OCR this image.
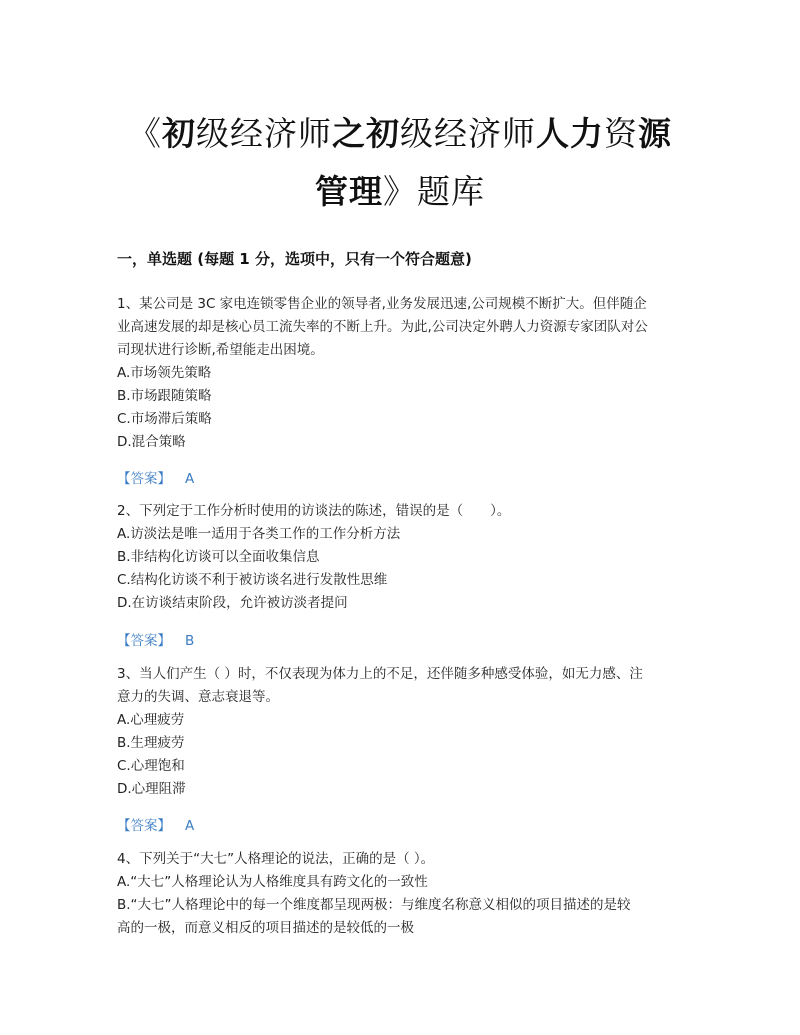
《初级经济师之初级经济师人力资源
管理》题库
一，单选题 (每题 1 分，选项中，只有一个符合题意)
1、某公司是 3C 家电连锁零售企业的领导者,业务发展迅速,公司规模不断扩大。但伴随企
业高速发展的却是核心员工流失率的不断上升。为此,公司决定外聘人力资源专家团队对公
司现状进行诊断,希望能走出困境。
A.市场领先策略
B.市场跟随策略
C.市场滞后策略
D.混合策略
【答案】 A
2、下列定于工作分析时使用的访谈法的陈述，错误的是（　　）。
A.访淡法是唯一适用于各类工作的工作分析方法
B.非结构化访谈可以全面收集信息
C.结构化访谈不利于被访谈名进行发散性思维
D.在访谈结束阶段，允许被访淡者提问
【答案】 B
3、当人们产生（ ）时，不仅表现为体力上的不足，还伴随多种感受体验，如无力感、注
意力的失调、意志衰退等。
A.心理疲劳
B.生理疲劳
C.心理饱和
D.心理阻滞
【答案】 A
4、下列关于“大七”人格理论的说法，正确的是（ ）。
A.“大七”人格理论认为人格维度具有跨文化的一致性
B.“大七”人格理论中的每一个维度都呈现两极：与维度名称意义相似的项目描述的是较
高的一极，而意义相反的项目描述的是较低的一极
